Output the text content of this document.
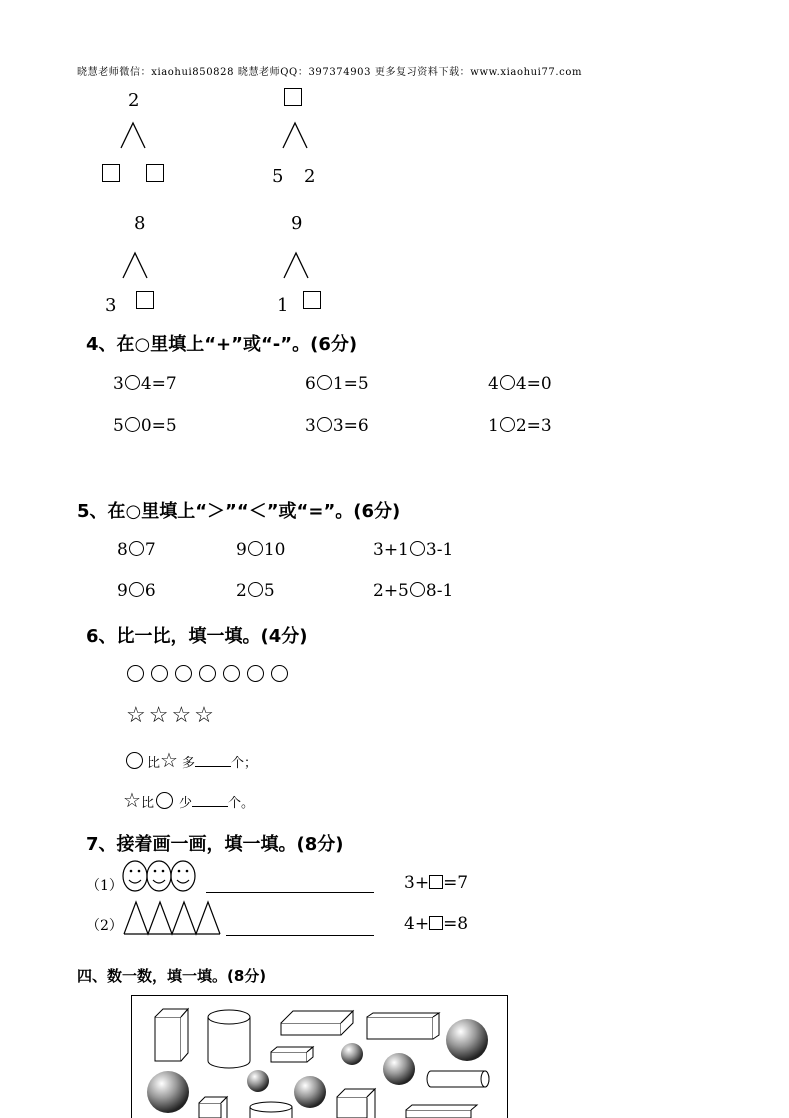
晓慧老师微信：xiaohui850828 晓慧老师QQ：397374903 更多复习资料下载：www.xiaohui77.com
2
5 2
8
3
9
1
4、在○里填上“+”或“-”。(6分)
3 4=7	6 1=5	4 4=0
5 0=5	3 3=6	1 2=3
5、在○里填上“＞”“＜”或“=”。(6分)
8 7	9 10	3+1 3-1
9 6	2 5	2+5 8-1
6、比一比，填一填。(4分)
☆☆☆☆
比☆ 多	个；
☆比 少	个。
7、接着画一画，填一填。(8分)
（1）	3+ =7
（2）	4+ =8
四、数一数，填一填。(8分)
